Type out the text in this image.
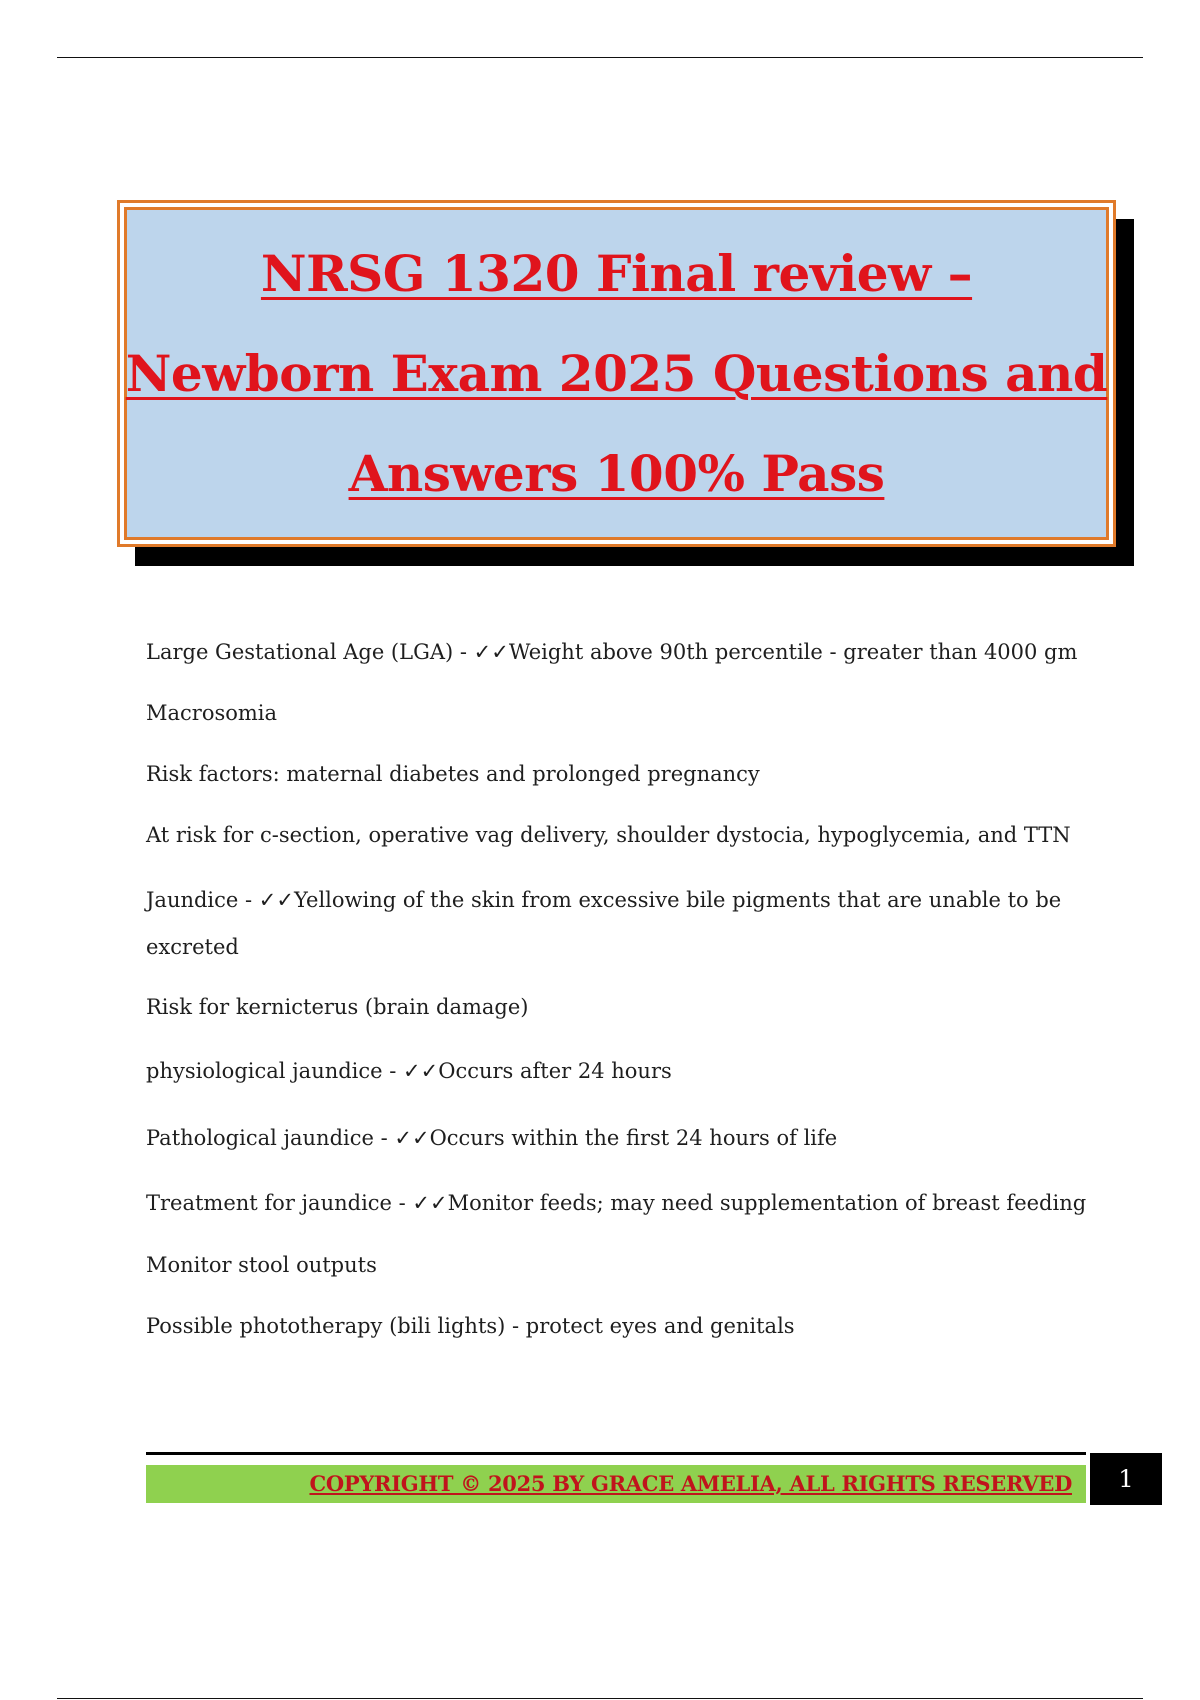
NRSG 1320 Final review –
Newborn Exam 2025 Questions and
Answers 100% Pass
Large Gestational Age (LGA) - ✓✓Weight above 90th percentile - greater than 4000 gm
Macrosomia
Risk factors: maternal diabetes and prolonged pregnancy
At risk for c-section, operative vag delivery, shoulder dystocia, hypoglycemia, and TTN
Jaundice - ✓✓Yellowing of the skin from excessive bile pigments that are unable to be excreted
Risk for kernicterus (brain damage)
physiological jaundice - ✓✓Occurs after 24 hours
Pathological jaundice - ✓✓Occurs within the first 24 hours of life
Treatment for jaundice - ✓✓Monitor feeds; may need supplementation of breast feeding
Monitor stool outputs
Possible phototherapy (bili lights) - protect eyes and genitals
COPYRIGHT © 2025 BY GRACE AMELIA, ALL RIGHTS RESERVED	1
